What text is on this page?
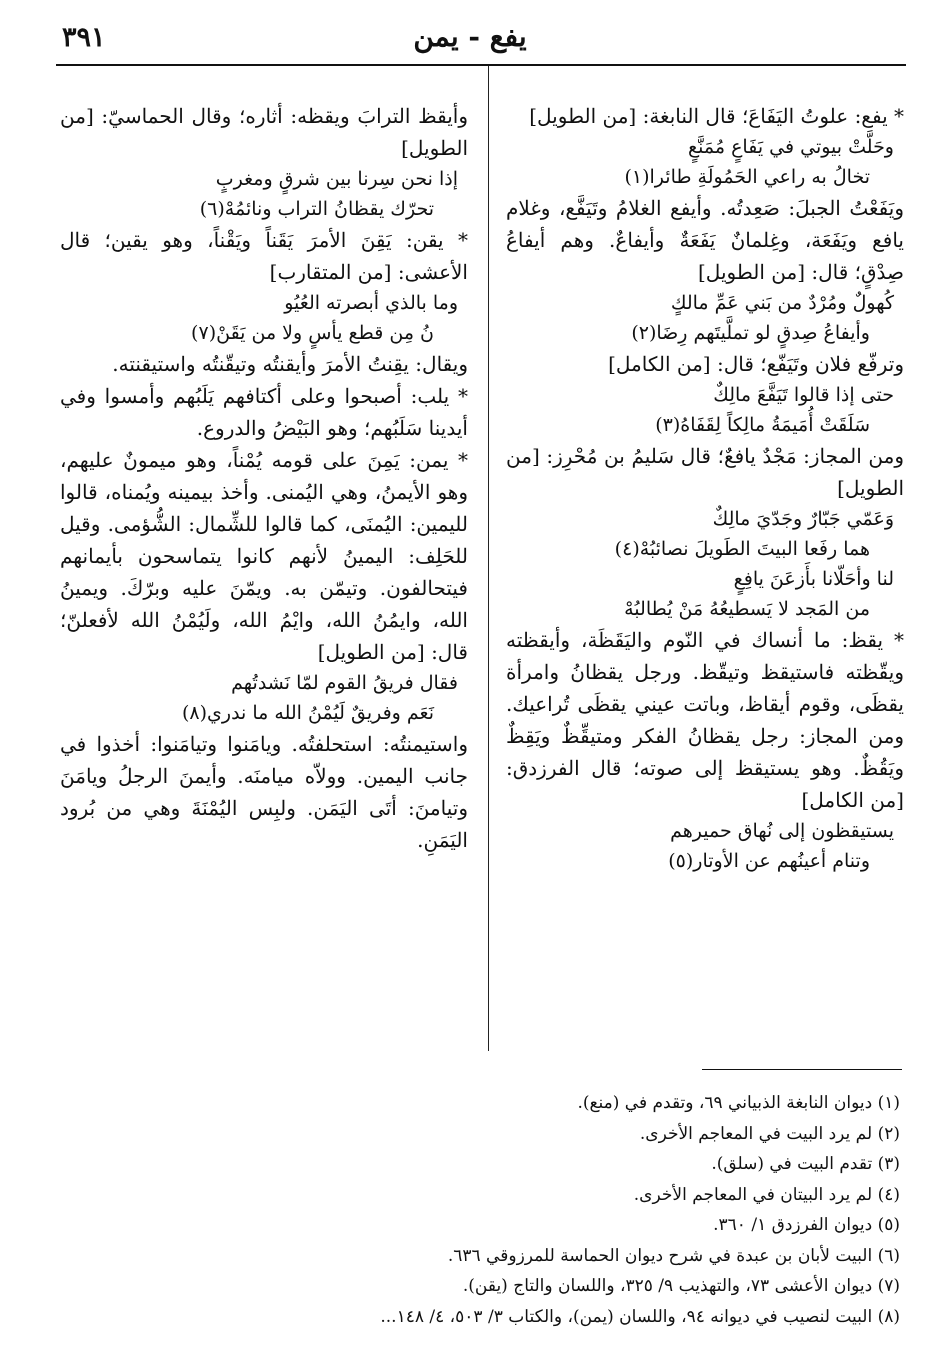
٣٩١	يفع - يمن

* يفع: علوتُ اليَفَاعَ؛ قال النابغة: [من الطويل]

وحَلَّتْ بيوتي في يَفَاعٍ مُمَنَّعٍ

تخالُ به راعي الحَمُولَةِ طائرا(١)

ويَفَعْتُ الجبلَ: صَعِدتُه. وأيفع الغلامُ وتَيَفَّع، وغلام يافع ويَفَعَة، وغِلمانٌ يَفَعَةٌ وأيفاعٌ. وهم أيفاعُ صِدْقٍ؛ قال: [من الطويل]

كُهولٌ ومُرْدٌ من بَني عَمِّ مالكٍ

وأيفاعُ صِدقٍ لو تملَّيتَهم رِضَا(٢)

وترفّع فلان وتَيَفّع؛ قال: [من الكامل]

حتى إذا قالوا تَيَفَّعَ مالِكٌ

سَلَقَتْ أُمَيمَةُ مالِكاً لِقَفَاهُ(٣)

ومن المجاز: مَجْدٌ يافعٌ؛ قال سَليمُ بن مُحْرِز: [من الطويل]

وَعَمّي جَبّارٌ وجَدّيَ مالِكٌ

هما رفَعا البيتَ الطَويلَ نصائبُهْ(٤)

لنا وأحَلّانا بأَزعَنَ يافِعٍ

من المَجد لا يَسطيعُهُ مَنْ يُطالبُهْ

* يقظ: ما أنساك في النّوم واليَقَظَة، وأيقظته ويقّظته فاستيقظ وتيقّظ. ورجل يقظانُ وامرأة يقظَى، وقوم أيقاظ، وباتت عيني يقظَى تُراعيك. ومن المجاز: رجل يقظانُ الفكر ومتيقِّظٌ ويَقِظٌ ويَقُظٌ. وهو يستيقظ إلى صوته؛ قال الفرزدق: [من الكامل]

يستيقظون إلى نُهاق حميرهم

وتنام أعينُهم عن الأوتار(٥)

وأيقظ الترابَ ويقظه: أثاره؛ وقال الحماسيّ: [من الطويل]

إذا نحن سِرنا بين شرقٍ ومغربٍ

تحرّك يقظانُ التراب ونائمُهْ(٦)

* يقن: يَقِنَ الأمرَ يَقَناً ويَقْناً، وهو يقين؛ قال الأعشى: [من المتقارب]

وما بالذي أبصرته العُيُو

نُ مِن قطع يأسٍ ولا من يَقَنْ(٧)

ويقال: يقِنتُ الأمرَ وأيقنتُه وتيقّنتُه واستيقنته.

* يلب: أصبحوا وعلى أكتافهم يَلَبُهم وأمسوا وفي أيدينا سَلَبُهم؛ وهو البَيْضُ والدروع.

* يمن: يَمِنَ على قومه يُمْناً، وهو ميمونٌ عليهم، وهو الأيمنُ، وهي اليُمنى. وأخذ بيمينه ويُمناه، قالوا لليمين: اليُمنَى، كما قالوا للشِّمال: الشُّؤمى. وقيل للحَلِف: اليمينُ لأنهم كانوا يتماسحون بأيمانهم فيتحالفون. وتيمّن به. ويمّنَ عليه وبرّكَ. ويمينُ الله، وايمُنُ الله، وايْمُ الله، ولَيُمْنُ الله لأفعلنّ؛ قال: [من الطويل]

فقال فريقُ القوم لمّا نَشدتُهم

نَعَم وفريقٌ لَيُمْنُ الله ما ندري(٨)

واستيمنتُه: استحلفتُه. ويامَنوا وتيامَنوا: أخذوا في جانب اليمين. وولاّه ميامنَه. وأيمنَ الرجلُ ويامَنَ وتيامنَ: أتَى اليَمَن. ولبِس اليُمْنَةَ وهي من بُرود اليَمَنِ.

(١) ديوان النابغة الذبياني ٦٩، وتقدم في (منع).

(٢) لم يرد البيت في المعاجم الأخرى.

(٣) تقدم البيت في (سلق).

(٤) لم يرد البيتان في المعاجم الأخرى.

(٥) ديوان الفرزدق ١/ ٣٦٠.

(٦) البيت لأبان بن عبدة في شرح ديوان الحماسة للمرزوقي ٦٣٦.

(٧) ديوان الأعشى ٧٣، والتهذيب ٩/ ٣٢٥، واللسان والتاج (يقن).

(٨) البيت لنصيب في ديوانه ٩٤، واللسان (يمن)، والكتاب ٣/ ٥٠٣، ٤/ ١٤٨...
